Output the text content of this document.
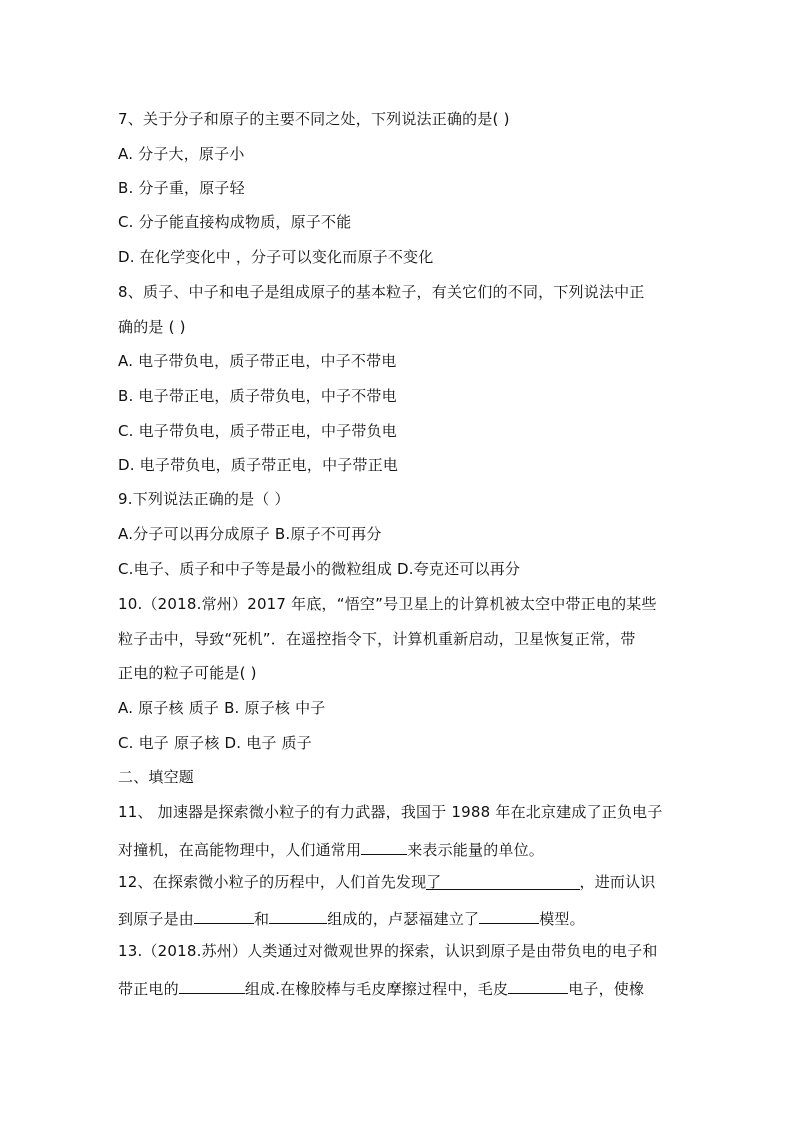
7、关于分子和原子的主要不同之处，下列说法正确的是( )
A. 分子大，原子小
B. 分子重，原子轻
C. 分子能直接构成物质，原子不能
D. 在化学变化中 ，分子可以变化而原子不变化
8、质子、中子和电子是组成原子的基本粒子，有关它们的不同，下列说法中正
确的是 ( )
A. 电子带负电，质子带正电，中子不带电
B. 电子带正电，质子带负电，中子不带电
C. 电子带负电，质子带正电，中子带负电
D. 电子带负电，质子带正电，中子带正电
9.下列说法正确的是（ ）
A.分子可以再分成原子 B.原子不可再分
C.电子、质子和中子等是最小的微粒组成 D.夸克还可以再分
10.（2018.常州）2017 年底，“悟空”号卫星上的计算机被太空中带正电的某些
粒子击中，导致“死机”．在遥控指令下，计算机重新启动，卫星恢复正常，带
正电的粒子可能是( )
A. 原子核 质子 B. 原子核 中子
C. 电子 原子核 D. 电子 质子
二、填空题
11、 加速器是探索微小粒子的有力武器，我国于 1988 年在北京建成了正负电子
对撞机，在高能物理中，人们通常用	来表示能量的单位。
12、在探索微小粒子的历程中，人们首先发现了	，进而认识
到原子是由	和	组成的，卢瑟福建立了	模型。
13.（2018.苏州）人类通过对微观世界的探索，认识到原子是由带负电的电子和
带正电的	组成.在橡胶棒与毛皮摩擦过程中，毛皮	电子，使橡
